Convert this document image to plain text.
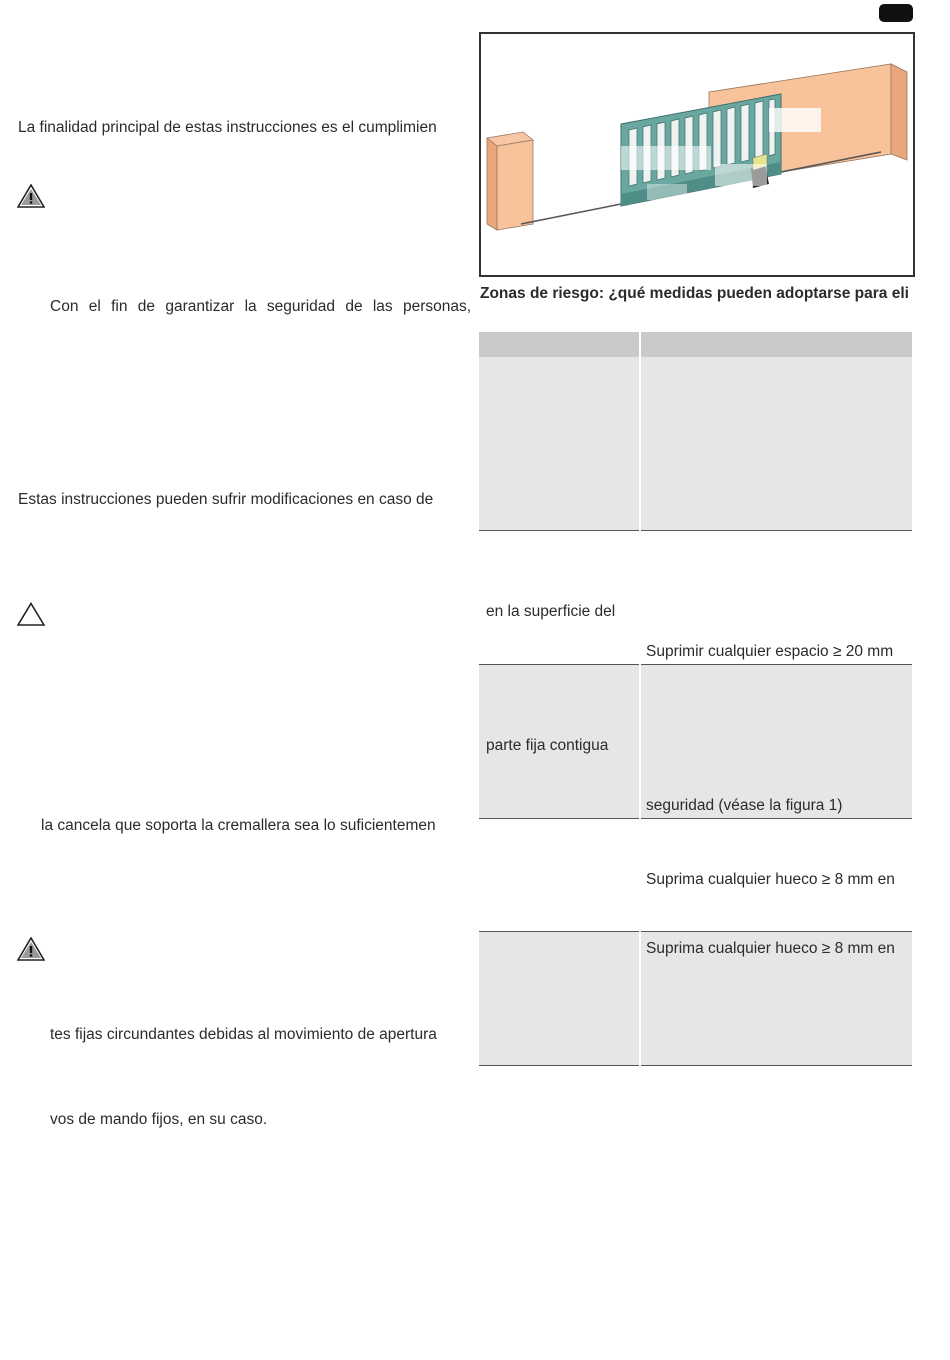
La finalidad principal de estas instrucciones es el cumplimien
Con el fin de garantizar la seguridad de las personas,
Estas instrucciones pueden sufrir modificaciones en caso de
la cancela que soporta la cremallera sea lo suficientemen
tes fijas circundantes debidas al movimiento de apertura
vos de mando fijos, en su caso.
Zonas de riesgo: ¿qué medidas pueden adoptarse para eli
en la superficie del
Suprimir cualquier espacio ≥ 20 mm
parte fija contigua
seguridad (véase la figura 1)
Suprima cualquier hueco ≥ 8 mm en
Suprima cualquier hueco ≥ 8 mm en
